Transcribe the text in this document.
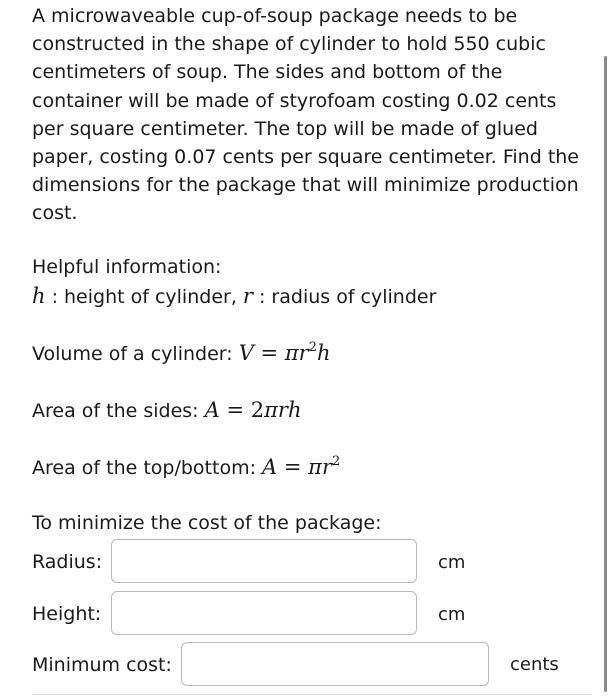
A microwaveable cup-of-soup package needs to be constructed in the shape of cylinder to hold 550 cubic centimeters of soup. The sides and bottom of the container will be made of styrofoam costing 0.02 cents per square centimeter. The top will be made of glued paper, costing 0.07 cents per square centimeter. Find the dimensions for the package that will minimize production cost.

Helpful information:
h : height of cylinder, r : radius of cylinder
Volume of a cylinder: $V = \pi r^2h$
Area of the sides: A = 2πrh
Area of the top/bottom: $A = \pi r^2$
To minimize the cost of the package:
Radius:	cm
Height:	cm
Minimum cost:	cents
